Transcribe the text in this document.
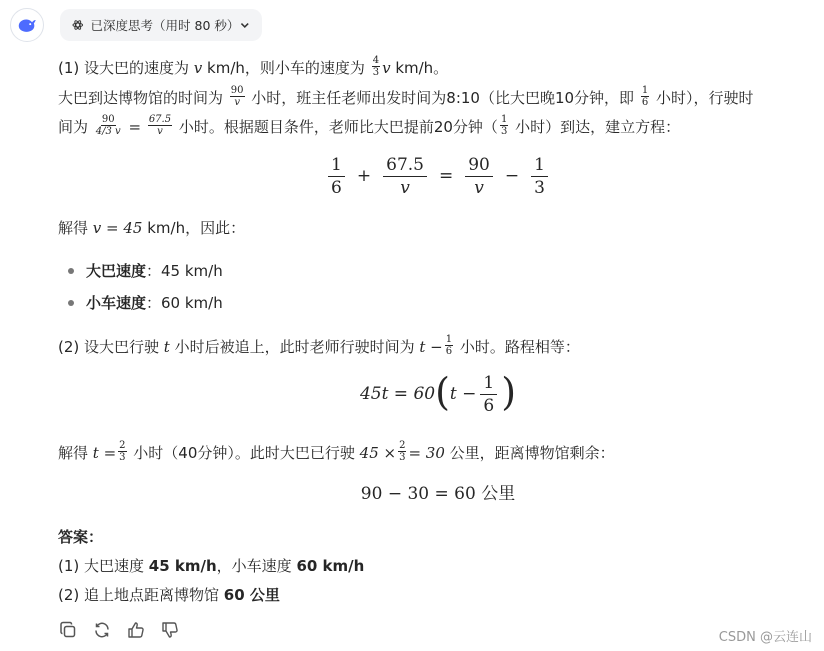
已深度思考（用时 80 秒）
(1) 设大巴的速度为 v km/h，则小车的速度为 $\frac{4}{3}$ v km/h。
大巴到达博物馆的时间为 $\frac{90}{v}$ 小时，班主任老师出发时间为8:10（比大巴晚10分钟，即 $\frac{1}{6}$ 小时），行驶时
间为 $\frac{90}{4/3 v} = \frac{67.5}{v}$ 小时。根据题目条件，老师比大巴提前20分钟（ $\frac{1}{3}$ 小时）到达，建立方程：
$\frac{1}{6} + \frac{67.5}{v} = \frac{90}{v} - \frac{1}{3}$
解得 v = 45 km/h，因此：
大巴速度：45 km/h
小车速度：60 km/h
(2) 设大巴行驶 t 小时后被追上，此时老师行驶时间为 $t - \frac{1}{6}$ 小时。路程相等：
$45t = 60(t - \frac{1}{6}$ )
解得 $t = \frac{2}{3}$ 小时（40分钟）。此时大巴已行驶 $45 \times \frac{2}{3} = 30$ 公里，距离博物馆剩余：
90 − 30 = 60 公里
答案：
(1) 大巴速度 45 km/h，小车速度 60 km/h
(2) 追上地点距离博物馆 60 公里
CSDN @云连山
